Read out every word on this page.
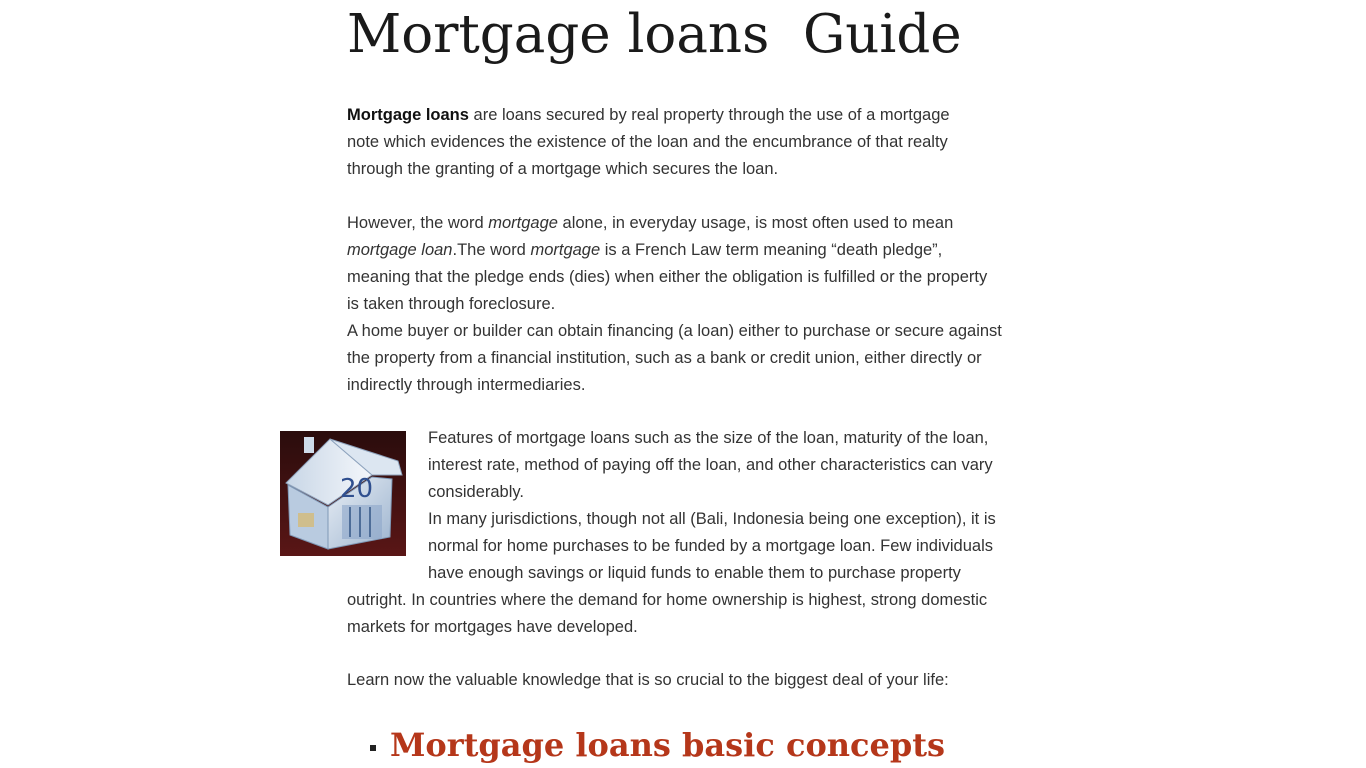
Mortgage loans  Guide

Mortgage loans are loans secured by real property through the use of a mortgage
note which evidences the existence of the loan and the encumbrance of that realty
through the granting of a mortgage which secures the loan.

However, the word mortgage alone, in everyday usage, is most often used to mean
mortgage loan.The word mortgage is a French Law term meaning “death pledge”,
meaning that the pledge ends (dies) when either the obligation is fulfilled or the property
is taken through foreclosure.
A home buyer or builder can obtain financing (a loan) either to purchase or secure against
the property from a financial institution, such as a bank or credit union, either directly or
indirectly through intermediaries.

20

Features of mortgage loans such as the size of the loan, maturity of the loan,
interest rate, method of paying off the loan, and other characteristics can vary
considerably.
In many jurisdictions, though not all (Bali, Indonesia being one exception), it is
normal for home purchases to be funded by a mortgage loan. Few individuals
have enough savings or liquid funds to enable them to purchase property

outright. In countries where the demand for home ownership is highest, strong domestic
markets for mortgages have developed.

Learn now the valuable knowledge that is so crucial to the biggest deal of your life:

Mortgage loans basic concepts
